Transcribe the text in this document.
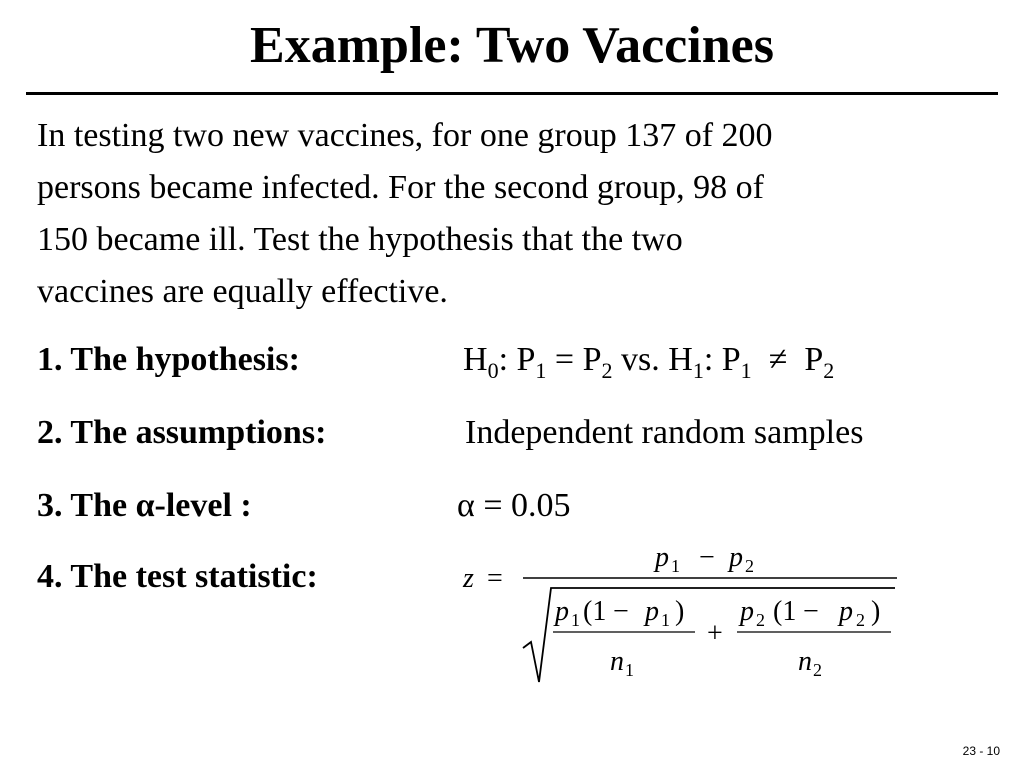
Example: Two Vaccines
In testing two new vaccines, for one group 137 of 200
persons became infected. For the second group, 98 of
150 became ill. Test the hypothesis that the two
vaccines are equally effective.
1. The hypothesis:	$H_0$: $P_1 = P_2$ vs. $H_1$: $P_1 \ne P_2$
2. The assumptions:	Independent random samples
3. The α-level :	α = 0.05
4. The test statistic:	z =
p 1 − p 2
p 1 (1 − p 1 )
n 1
+
p 2 (1 − p 2 )
n 2
23 - 10
